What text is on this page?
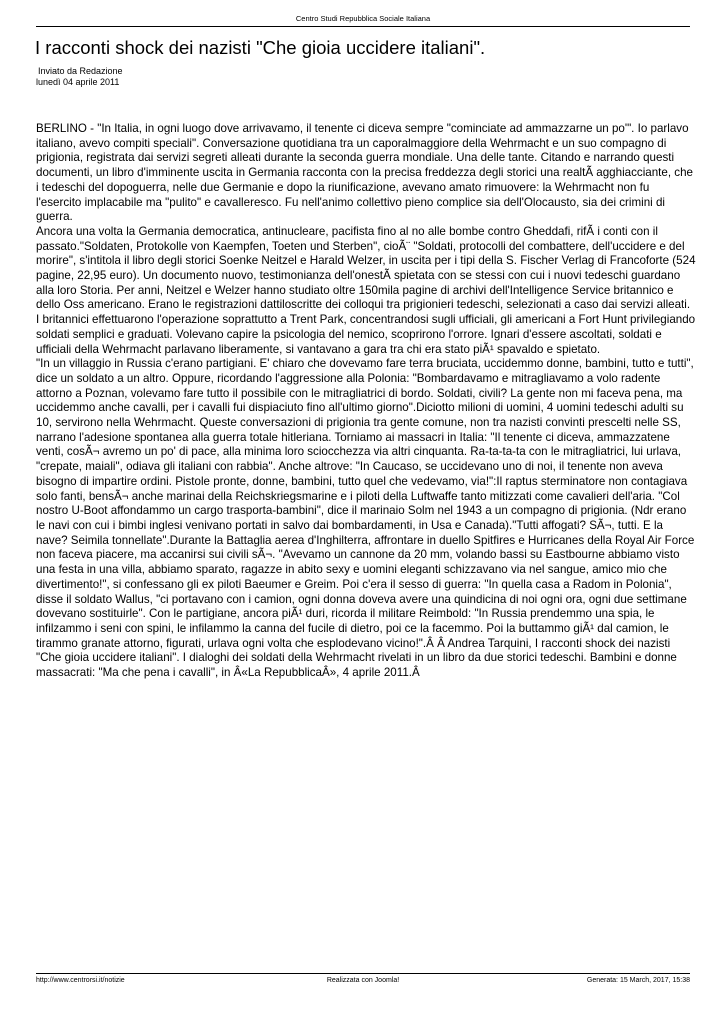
Centro Studi Repubblica Sociale Italiana
I racconti shock dei nazisti "Che gioia uccidere italiani".
Inviato da Redazione
lunedì 04 aprile 2011

BERLINO - "In Italia, in ogni luogo dove arrivavamo, il tenente ci diceva sempre "cominciate ad ammazzarne un po'". Io parlavo italiano, avevo compiti speciali". Conversazione quotidiana tra un caporalmaggiore della Wehrmacht e un suo compagno di prigionia, registrata dai servizi segreti alleati durante la seconda guerra mondiale. Una delle tante. Citando e narrando questi documenti, un libro d'imminente uscita in Germania racconta con la precisa freddezza degli storici una realtÃ agghiacciante, che i tedeschi del dopoguerra, nelle due Germanie e dopo la riunificazione, avevano amato rimuovere: la Wehrmacht non fu l'esercito implacabile ma "pulito" e cavalleresco. Fu nell'animo collettivo pieno complice sia dell'Olocausto, sia dei crimini di guerra.

Ancora una volta la Germania democratica, antinucleare, pacifista fino al no alle bombe contro Gheddafi, rifÃ i conti con il passato."Soldaten, Protokolle von Kaempfen, Toeten und Sterben", cioÃ¨ "Soldati, protocolli del combattere, dell'uccidere e del morire", s'intitola il libro degli storici Soenke Neitzel e Harald Welzer, in uscita per i tipi della S. Fischer Verlag di Francoforte (524 pagine, 22,95 euro). Un documento nuovo, testimonianza dell'onestÃ spietata con se stessi con cui i nuovi tedeschi guardano alla loro Storia. Per anni, Neitzel e Welzer hanno studiato oltre 150mila pagine di archivi dell'Intelligence Service britannico e dello Oss americano. Erano le registrazioni dattiloscritte dei colloqui tra prigionieri tedeschi, selezionati a caso dai servizi alleati. I britannici effettuarono l'operazione soprattutto a Trent Park, concentrandosi sugli ufficiali, gli americani a Fort Hunt privilegiando soldati semplici e graduati. Volevano capire la psicologia del nemico, scoprirono l'orrore. Ignari d'essere ascoltati, soldati e ufficiali della Wehrmacht parlavano liberamente, si vantavano a gara tra chi era stato piÃ¹ spavaldo e spietato.

"In un villaggio in Russia c'erano partigiani. E' chiaro che dovevamo fare terra bruciata, uccidemmo donne, bambini, tutto e tutti", dice un soldato a un altro. Oppure, ricordando l'aggressione alla Polonia: "Bombardavamo e mitragliavamo a volo radente attorno a Poznan, volevamo fare tutto il possibile con le mitragliatrici di bordo. Soldati, civili? La gente non mi faceva pena, ma uccidemmo anche cavalli, per i cavalli fui dispiaciuto fino all'ultimo giorno".Diciotto milioni di uomini, 4 uomini tedeschi adulti su 10, servirono nella Wehrmacht. Queste conversazioni di prigionia tra gente comune, non tra nazisti convinti prescelti nelle SS, narrano l'adesione spontanea alla guerra totale hitleriana. Torniamo ai massacri in Italia: "Il tenente ci diceva, ammazzatene venti, cosÃ¬ avremo un po' di pace, alla minima loro sciocchezza via altri cinquanta. Ra-ta-ta-ta con le mitragliatrici, lui urlava, "crepate, maiali", odiava gli italiani con rabbia". Anche altrove: "In Caucaso, se uccidevano uno di noi, il tenente non aveva bisogno di impartire ordini. Pistole pronte, donne, bambini, tutto quel che vedevamo, via!":Il raptus sterminatore non contagiava solo fanti, bensÃ¬ anche marinai della Reichskriegsmarine e i piloti della Luftwaffe tanto mitizzati come cavalieri dell'aria. "Col nostro U-Boot affondammo un cargo trasporta-bambini", dice il marinaio Solm nel 1943 a un compagno di prigionia. (Ndr erano le navi con cui i bimbi inglesi venivano portati in salvo dai bombardamenti, in Usa e Canada)."Tutti affogati? SÃ¬, tutti. E la nave? Seimila tonnellate".Durante la Battaglia aerea d'Inghilterra, affrontare in duello Spitfires e Hurricanes della Royal Air Force non faceva piacere, ma accanirsi sui civili sÃ¬. "Avevamo un cannone da 20 mm, volando bassi su Eastbourne abbiamo visto una festa in una villa, abbiamo sparato, ragazze in abito sexy e uomini eleganti schizzavano via nel sangue, amico mio che divertimento!", si confessano gli ex piloti Baeumer e Greim. Poi c'era il sesso di guerra: "In quella casa a Radom in Polonia", disse il soldato Wallus, "ci portavano con i camion, ogni donna doveva avere una quindicina di noi ogni ora, ogni due settimane dovevano sostituirle". Con le partigiane, ancora piÃ¹ duri, ricorda il militare Reimbold: "In Russia prendemmo una spia, le infilzammo i seni con spini, le infilammo la canna del fucile di dietro, poi ce la facemmo. Poi la buttammo giÃ¹ dal camion, le tirammo granate attorno, figurati, urlava ogni volta che esplodevano vicino!".Â Â Andrea Tarquini, I racconti shock dei nazisti "Che gioia uccidere italiani". I dialoghi dei soldati della Wehrmacht rivelati in un libro da due storici tedeschi. Bambini e donne massacrati: "Ma che pena i cavalli", in Â«La RepubblicaÂ», 4 aprile 2011.Â

http://www.centrorsi.it/notizie	Realizzata con Joomla!	Generata: 15 March, 2017, 15:38
